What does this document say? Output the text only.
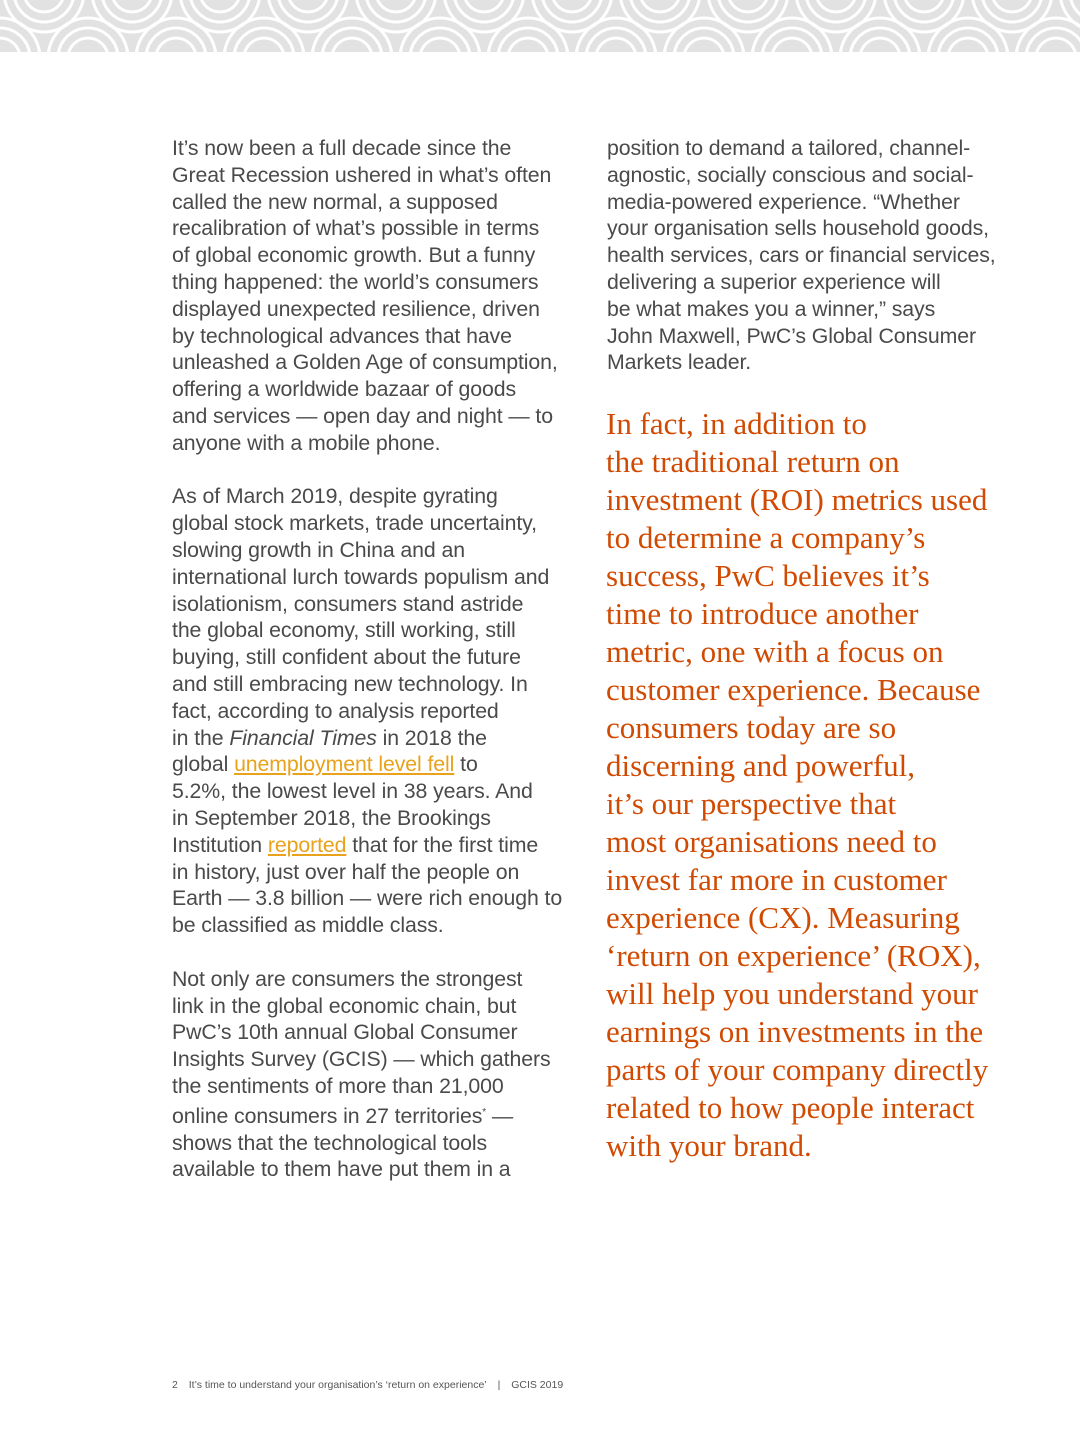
It’s now been a full decade since the
Great Recession ushered in what’s often
called the new normal, a supposed
recalibration of what’s possible in terms
of global economic growth. But a funny
thing happened: the world’s consumers
displayed unexpected resilience, driven
by technological advances that have
unleashed a Golden Age of consumption,
offering a worldwide bazaar of goods
and services — open day and night — to
anyone with a mobile phone.
As of March 2019, despite gyrating
global stock markets, trade uncertainty,
slowing growth in China and an
international lurch towards populism and
isolationism, consumers stand astride
the global economy, still working, still
buying, still confident about the future
and still embracing new technology. In
fact, according to analysis reported
in the Financial Times in 2018 the
global unemployment level fell to
5.2%, the lowest level in 38 years. And
in September 2018, the Brookings
Institution reported that for the first time
in history, just over half the people on
Earth — 3.8 billion — were rich enough to
be classified as middle class.
Not only are consumers the strongest
link in the global economic chain, but
PwC’s 10th annual Global Consumer
Insights Survey (GCIS) — which gathers
the sentiments of more than 21,000
online consumers in 27 territories* —
shows that the technological tools
available to them have put them in a
position to demand a tailored, channel-
agnostic, socially conscious and social-
media-powered experience. “Whether
your organisation sells household goods,
health services, cars or financial services,
delivering a superior experience will
be what makes you a winner,” says
John Maxwell, PwC’s Global Consumer
Markets leader.
In fact, in addition to
the traditional return on
investment (ROI) metrics used
to determine a company’s
success, PwC believes it’s
time to introduce another
metric, one with a focus on
customer experience. Because
consumers today are so
discerning and powerful,
it’s our perspective that
most organisations need to
invest far more in customer
experience (CX). Measuring
‘return on experience’ (ROX),
will help you understand your
earnings on investments in the
parts of your company directly
related to how people interact
with your brand.
2 It’s time to understand your organisation’s ‘return on experience’ | GCIS 2019
